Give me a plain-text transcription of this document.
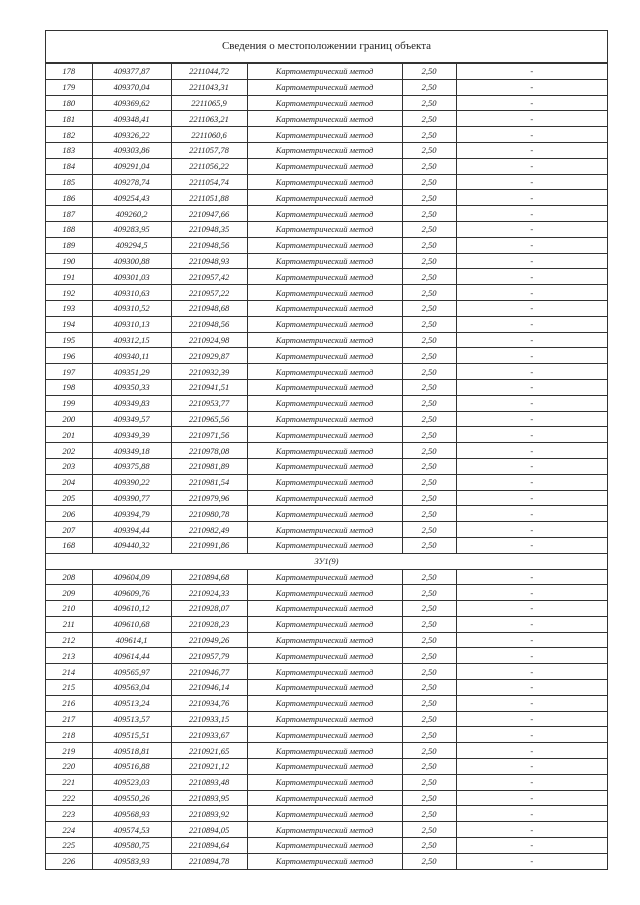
Сведения о местоположении границ объекта
178	409377,87	2211044,72	Картометрический метод	2,50	-
179	409370,04	2211043,31	Картометрический метод	2,50	-
180	409369,62	2211065,9	Картометрический метод	2,50	-
181	409348,41	2211063,21	Картометрический метод	2,50	-
182	409326,22	2211060,6	Картометрический метод	2,50	-
183	409303,86	2211057,78	Картометрический метод	2,50	-
184	409291,04	2211056,22	Картометрический метод	2,50	-
185	409278,74	2211054,74	Картометрический метод	2,50	-
186	409254,43	2211051,88	Картометрический метод	2,50	-
187	409260,2	2210947,66	Картометрический метод	2,50	-
188	409283,95	2210948,35	Картометрический метод	2,50	-
189	409294,5	2210948,56	Картометрический метод	2,50	-
190	409300,88	2210948,93	Картометрический метод	2,50	-
191	409301,03	2210957,42	Картометрический метод	2,50	-
192	409310,63	2210957,22	Картометрический метод	2,50	-
193	409310,52	2210948,68	Картометрический метод	2,50	-
194	409310,13	2210948,56	Картометрический метод	2,50	-
195	409312,15	2210924,98	Картометрический метод	2,50	-
196	409340,11	2210929,87	Картометрический метод	2,50	-
197	409351,29	2210932,39	Картометрический метод	2,50	-
198	409350,33	2210941,51	Картометрический метод	2,50	-
199	409349,83	2210953,77	Картометрический метод	2,50	-
200	409349,57	2210965,56	Картометрический метод	2,50	-
201	409349,39	2210971,56	Картометрический метод	2,50	-
202	409349,18	2210978,08	Картометрический метод	2,50	-
203	409375,88	2210981,89	Картометрический метод	2,50	-
204	409390,22	2210981,54	Картометрический метод	2,50	-
205	409390,77	2210979,96	Картометрический метод	2,50	-
206	409394,79	2210980,78	Картометрический метод	2,50	-
207	409394,44	2210982,49	Картометрический метод	2,50	-
168	409440,32	2210991,86	Картометрический метод	2,50	-
ЗУ1(9)					
208	409604,09	2210894,68	Картометрический метод	2,50	-
209	409609,76	2210924,33	Картометрический метод	2,50	-
210	409610,12	2210928,07	Картометрический метод	2,50	-
211	409610,68	2210928,23	Картометрический метод	2,50	-
212	409614,1	2210949,26	Картометрический метод	2,50	-
213	409614,44	2210957,79	Картометрический метод	2,50	-
214	409565,97	2210946,77	Картометрический метод	2,50	-
215	409563,04	2210946,14	Картометрический метод	2,50	-
216	409513,24	2210934,76	Картометрический метод	2,50	-
217	409513,57	2210933,15	Картометрический метод	2,50	-
218	409515,51	2210933,67	Картометрический метод	2,50	-
219	409518,81	2210921,65	Картометрический метод	2,50	-
220	409516,88	2210921,12	Картометрический метод	2,50	-
221	409523,03	2210893,48	Картометрический метод	2,50	-
222	409550,26	2210893,95	Картометрический метод	2,50	-
223	409568,93	2210893,92	Картометрический метод	2,50	-
224	409574,53	2210894,05	Картометрический метод	2,50	-
225	409580,75	2210894,64	Картометрический метод	2,50	-
226	409583,93	2210894,78	Картометрический метод	2,50	-
